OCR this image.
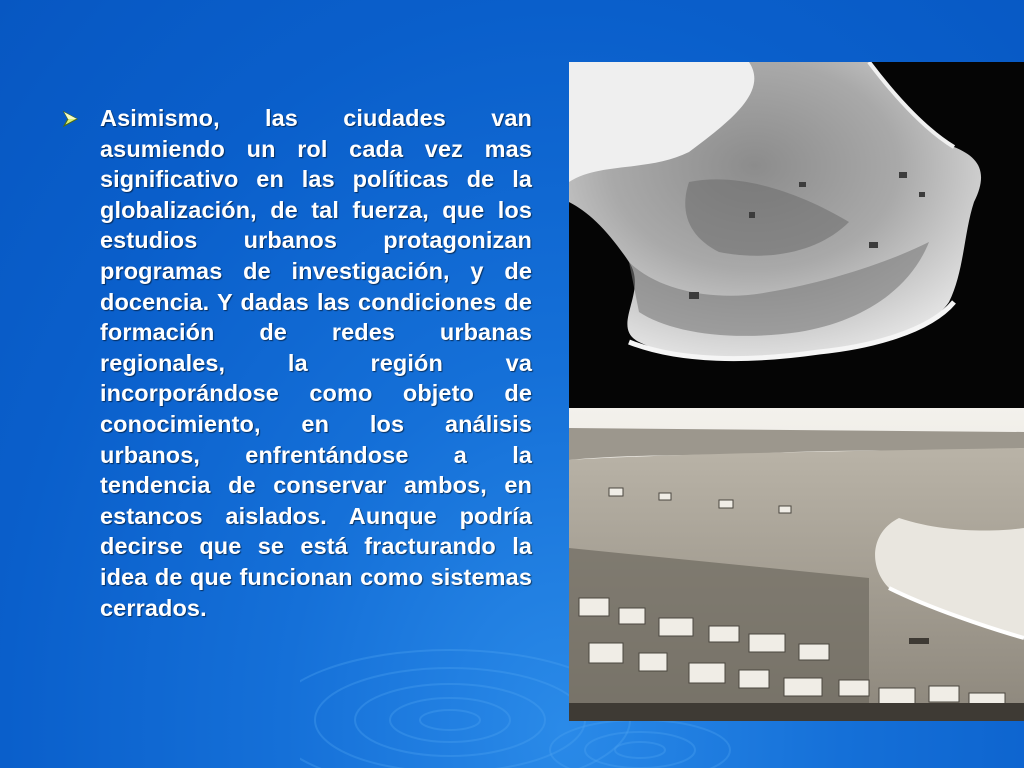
Asimismo, las ciudades van asumiendo un rol cada vez mas significativo en las políticas de la globalización, de tal fuerza, que los estudios urbanos protagonizan programas de investigación, y de docencia. Y dadas las condiciones de formación de redes urbanas regionales, la región va incorporándose como objeto de conocimiento, en los análisis urbanos, enfrentándose a la tendencia de conservar ambos, en estancos aislados. Aunque podría decirse que se está fracturando la idea de que funcionan como sistemas cerrados.
